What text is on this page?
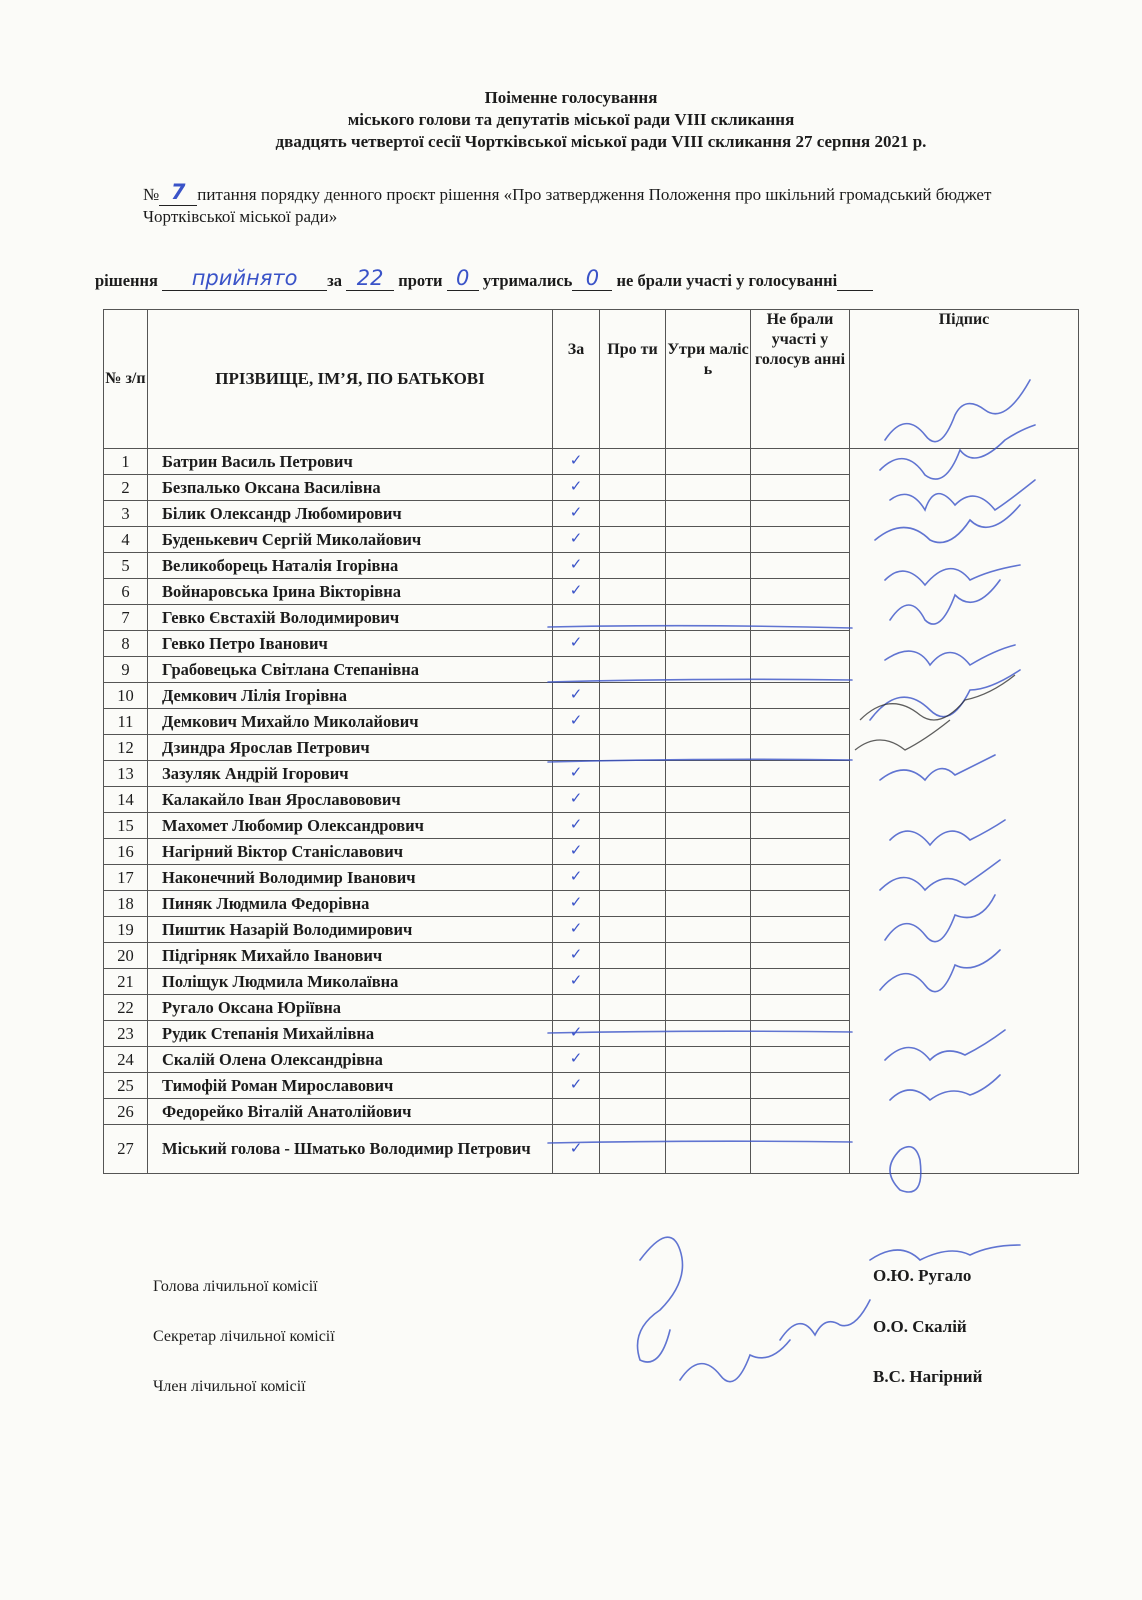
Поіменне голосування
міського голови та депутатів міської ради VIII скликання
двадцять четвертої сесії Чортківської міської ради VIII скликання 27 серпня 2021 р.
№ 7 питання порядку денного проєкт рішення «Про затвердження Положення про шкільний громадський бюджет Чортківської міської ради»
рішення прийнято за 22 проти 0 утримались 0 не брали участі у голосуванні
№ з/п	ПРІЗВИЩЕ, ІМ’Я, ПО БАТЬКОВІ	За	Про ти	Утри маліс ь	Не брали участі у голосув анні	Підпис
1	Батрин Василь Петрович	✓				
2	Безпалько Оксана Василівна	✓				
3	Білик Олександр Любомирович	✓				
4	Буденькевич Сергій Миколайович	✓				
5	Великоборець Наталія Ігорівна	✓				
6	Войнаровська Ірина Вікторівна	✓				
7	Гевко Євстахій Володимирович					
8	Гевко Петро Іванович	✓				
9	Грабовецька Світлана Степанівна					
10	Демкович Лілія Ігорівна	✓				
11	Демкович Михайло Миколайович	✓				
12	Дзиндра Ярослав Петрович					
13	Зазуляк Андрій Ігорович	✓				
14	Калакайло Іван Ярославовович	✓				
15	Махомет Любомир Олександрович	✓				
16	Нагірний Віктор Станіславович	✓				
17	Наконечний Володимир Іванович	✓				
18	Пиняк Людмила Федорівна	✓				
19	Пиштик Назарій Володимирович	✓				
20	Підгірняк Михайло Іванович	✓				
21	Поліщук Людмила Миколаївна	✓				
22	Ругало Оксана Юріївна					
23	Рудик Степанія Михайлівна	✓				
24	Скалій Олена Олександрівна	✓				
25	Тимофій Роман Мирославович	✓				
26	Федорейко Віталій Анатолійович					
27	Міський голова - Шматько Володимир Петрович	✓				
Голова лічильної комісії
О.Ю. Ругало
Секретар лічильної комісії
О.О. Скалій
Член лічильної комісії
В.С. Нагірний
